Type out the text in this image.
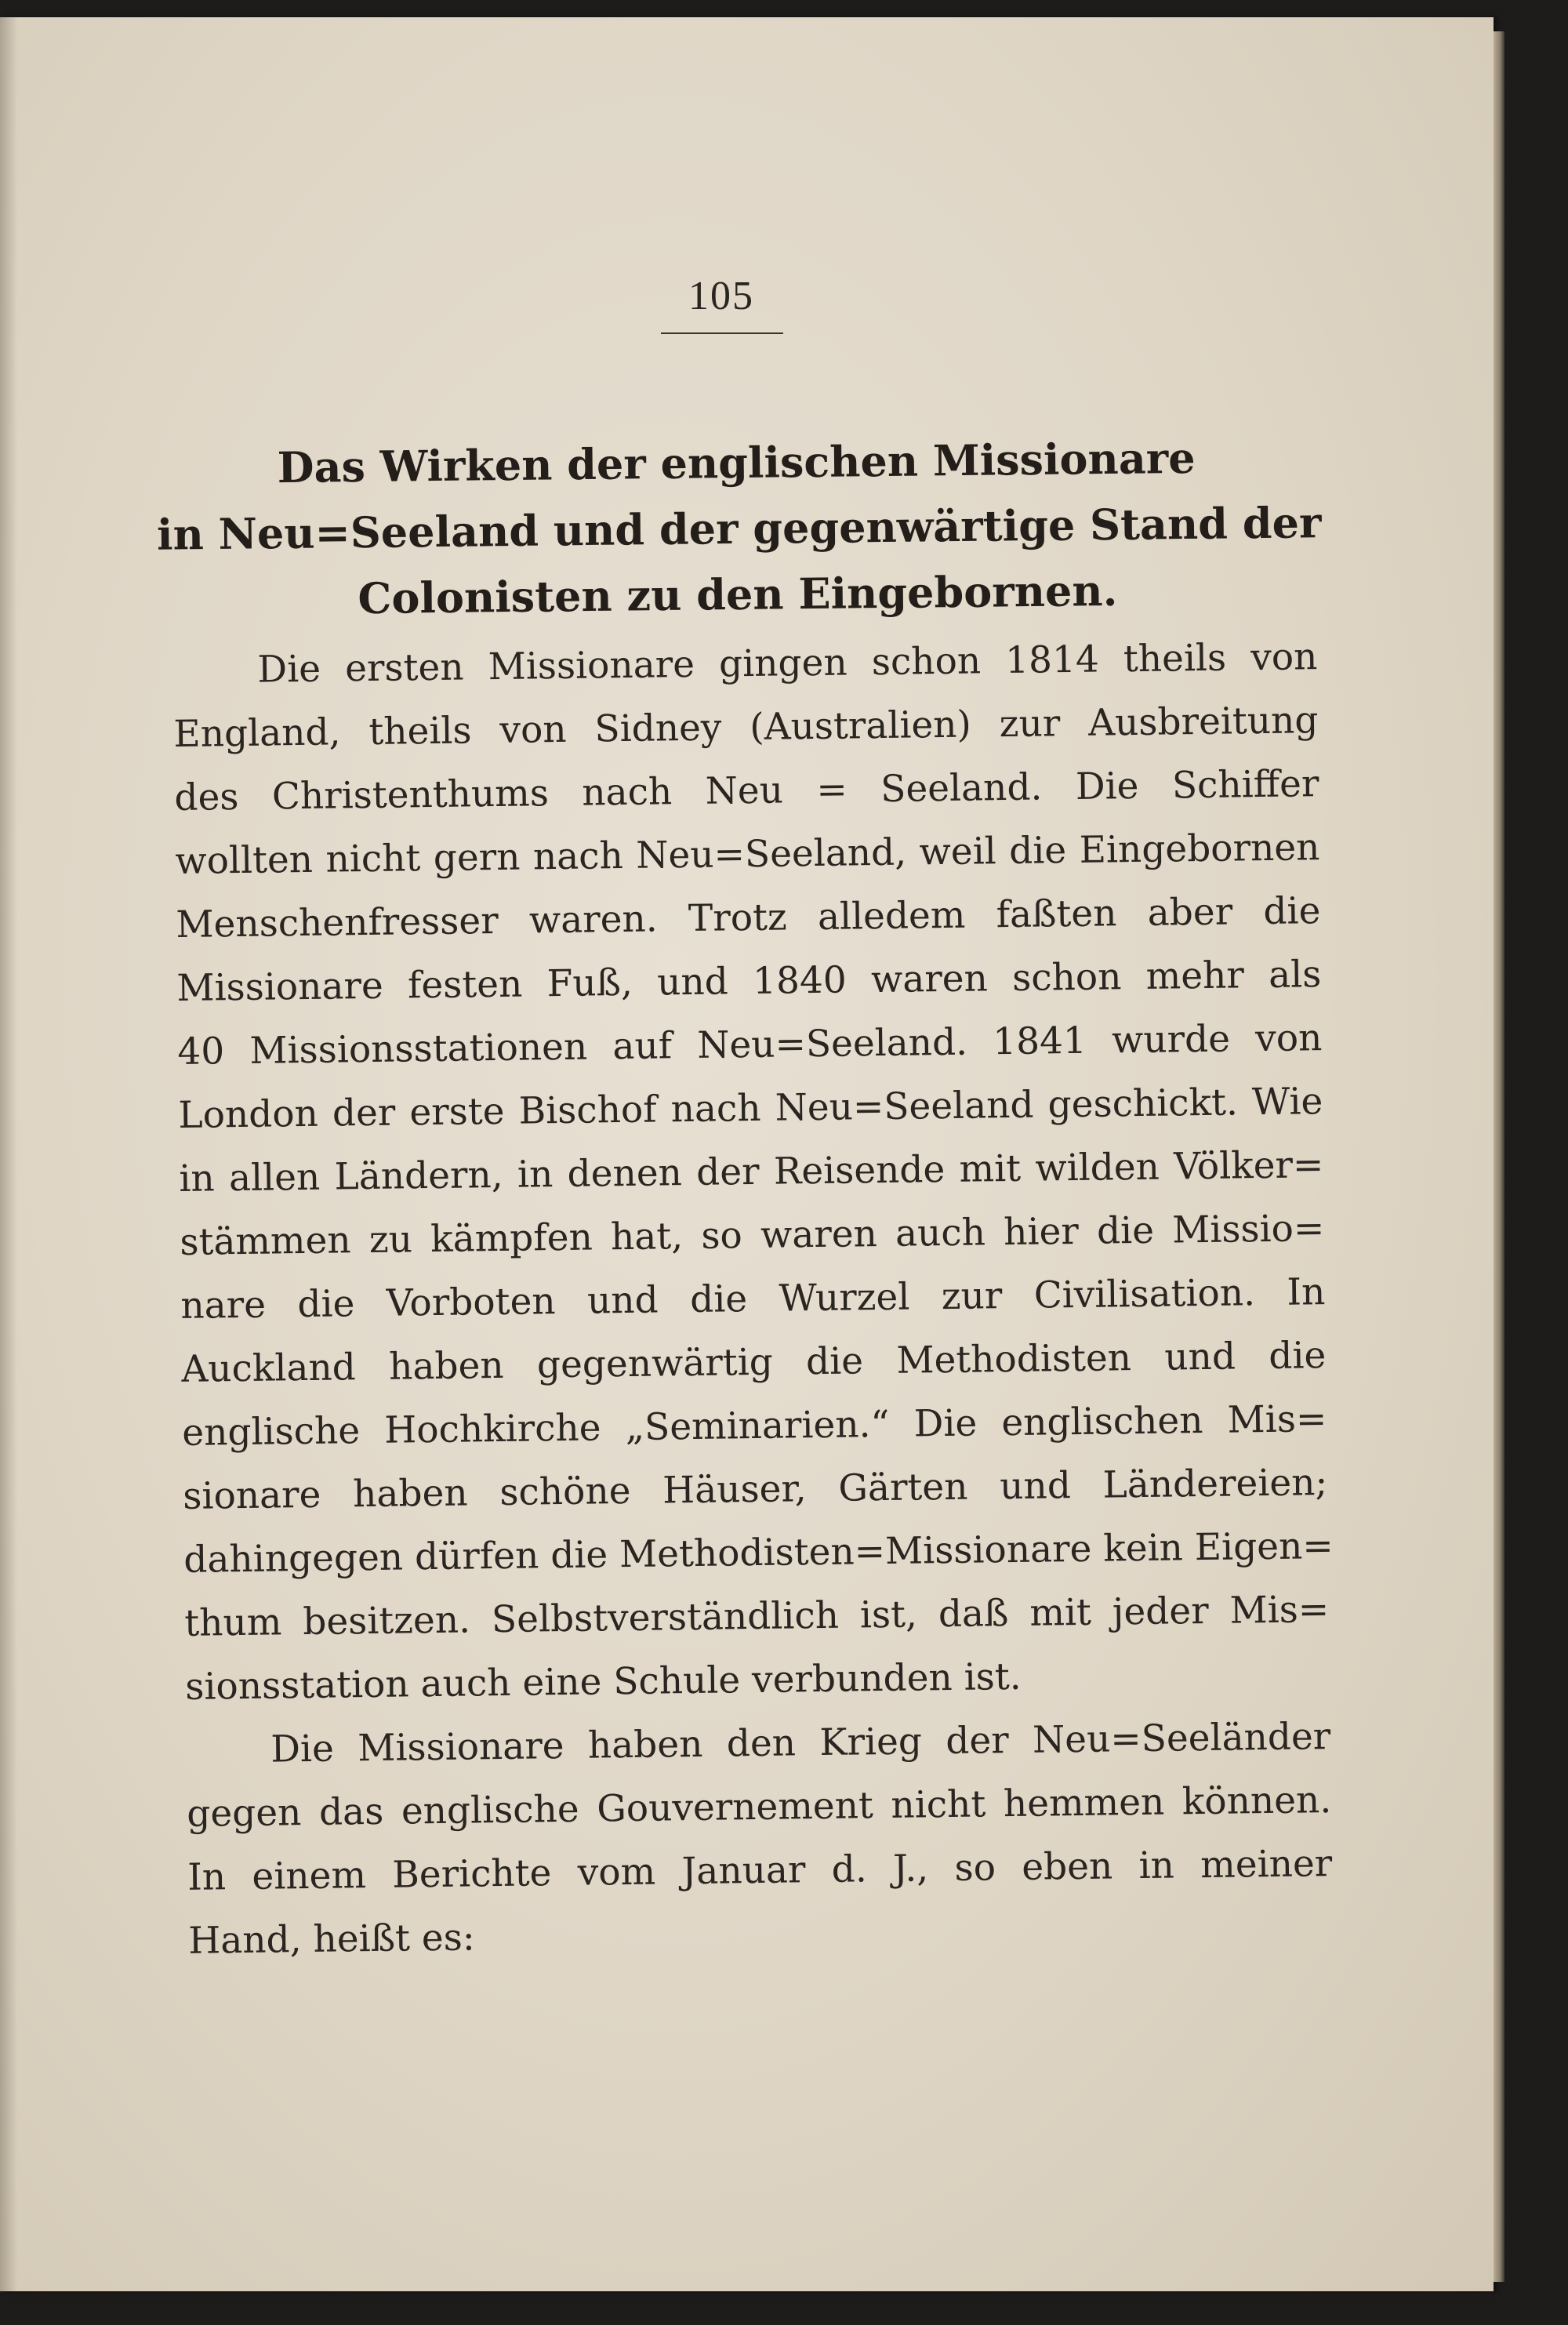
105
Das Wirken der englischen Missionare
in Neu=Seeland und der gegenwärtige Stand der
Colonisten zu den Eingebornen.
Die ersten Missionare gingen schon 1814 theils von
England, theils von Sidney (Australien) zur Ausbreitung
des Christenthums nach Neu = Seeland. Die Schiffer
wollten nicht gern nach Neu=Seeland, weil die Eingebornen
Menschenfresser waren. Trotz alledem faßten aber die
Missionare festen Fuß, und 1840 waren schon mehr als
40 Missionsstationen auf Neu=Seeland. 1841 wurde von
London der erste Bischof nach Neu=Seeland geschickt. Wie
in allen Ländern, in denen der Reisende mit wilden Völker=
stämmen zu kämpfen hat, so waren auch hier die Missio=
nare die Vorboten und die Wurzel zur Civilisation. In
Auckland haben gegenwärtig die Methodisten und die
englische Hochkirche „Seminarien.“ Die englischen Mis=
sionare haben schöne Häuser, Gärten und Ländereien;
dahingegen dürfen die Methodisten=Missionare kein Eigen=
thum besitzen. Selbstverständlich ist, daß mit jeder Mis=
sionsstation auch eine Schule verbunden ist.
Die Missionare haben den Krieg der Neu=Seeländer
gegen das englische Gouvernement nicht hemmen können.
In einem Berichte vom Januar d. J., so eben in meiner
Hand, heißt es:
